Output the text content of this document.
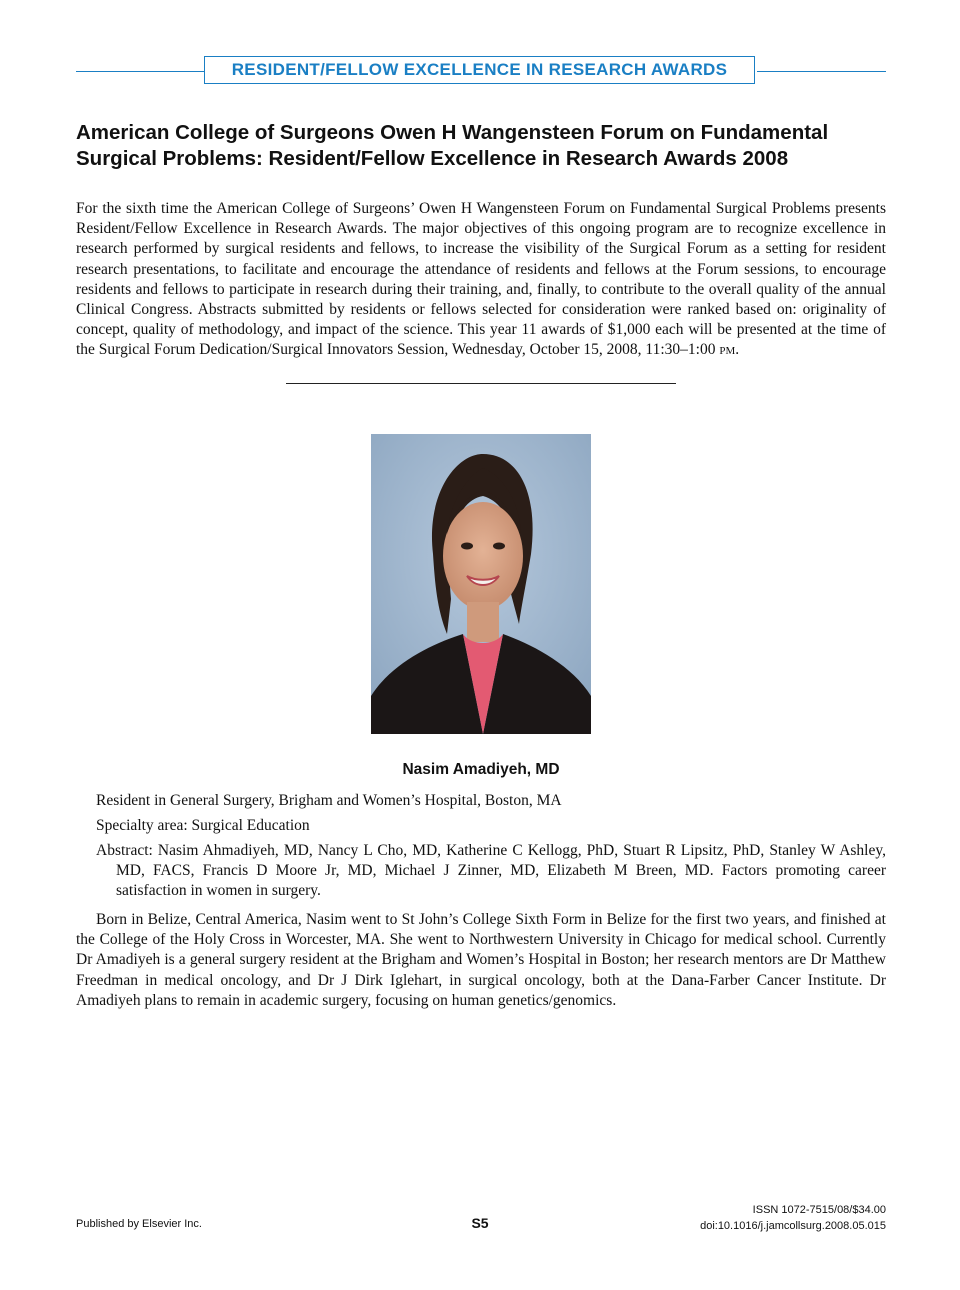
RESIDENT/FELLOW EXCELLENCE IN RESEARCH AWARDS
American College of Surgeons Owen H Wangensteen Forum on Fundamental Surgical Problems: Resident/Fellow Excellence in Research Awards 2008

For the sixth time the American College of Surgeons’ Owen H Wangensteen Forum on Fundamental Surgical Problems presents Resident/Fellow Excellence in Research Awards. The major objectives of this ongoing program are to recognize excellence in research performed by surgical residents and fellows, to increase the visibility of the Surgical Forum as a setting for resident research presentations, to facilitate and encourage the attendance of residents and fellows at the Forum sessions, to encourage residents and fellows to participate in research during their training, and, finally, to contribute to the overall quality of the annual Clinical Congress. Abstracts submitted by residents or fellows selected for consideration were ranked based on: originality of concept, quality of methodology, and impact of the science. This year 11 awards of $1,000 each will be presented at the time of the Surgical Forum Dedication/Surgical Innovators Session, Wednesday, October 15, 2008, 11:30–1:00 pm.

Nasim Amadiyeh, MD

Resident in General Surgery, Brigham and Women’s Hospital, Boston, MA

Specialty area: Surgical Education

Abstract: Nasim Ahmadiyeh, MD, Nancy L Cho, MD, Katherine C Kellogg, PhD, Stuart R Lipsitz, PhD, Stanley W Ashley, MD, FACS, Francis D Moore Jr, MD, Michael J Zinner, MD, Elizabeth M Breen, MD. Factors promoting career satisfaction in women in surgery.

Born in Belize, Central America, Nasim went to St John’s College Sixth Form in Belize for the first two years, and finished at the College of the Holy Cross in Worcester, MA. She went to Northwestern University in Chicago for medical school. Currently Dr Amadiyeh is a general surgery resident at the Brigham and Women’s Hospital in Boston; her research mentors are Dr Matthew Freedman in medical oncology, and Dr J Dirk Iglehart, in surgical oncology, both at the Dana-Farber Cancer Institute. Dr Amadiyeh plans to remain in academic surgery, focusing on human genetics/genomics.

Published by Elsevier Inc.	S5
ISSN 1072-7515/08/$34.00
doi:10.1016/j.jamcollsurg.2008.05.015
